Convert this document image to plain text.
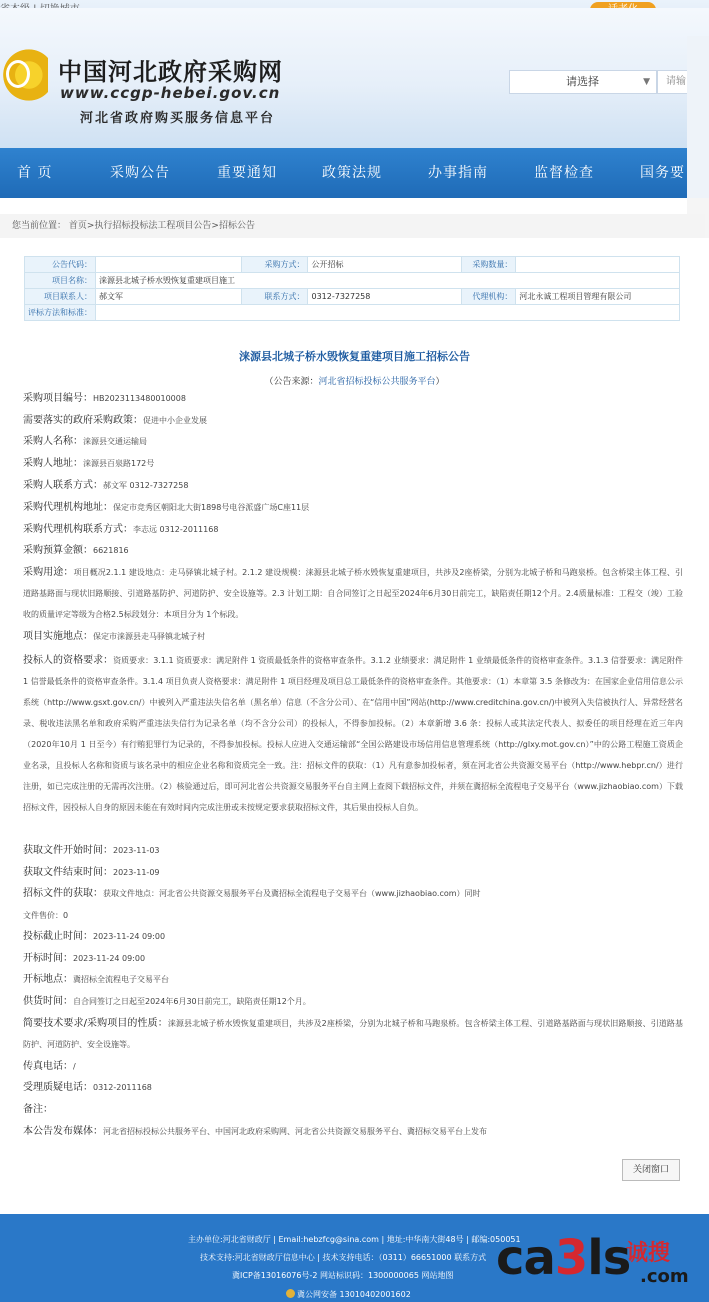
中国河北政府采购网
www.ccgp-hebei.gov.cn
河北省政府购买服务信息平台
请选择	▼	请输
首 页	采购公告	重要通知	政策法规	办事指南	监督检查	国务要
您当前位置： 首页>执行招标投标法工程项目公告>招标公告
公告代码：		采购方式：	公开招标	采购数量：	
项目名称：	涞源县北城子桥水毁恢复重建项目施工				
项目联系人：	郝文军	联系方式：	0312-7327258	代理机构：	河北永诚工程项目管理有限公司
评标方法和标准：					
涞源县北城子桥水毁恢复重建项目施工招标公告
（公告来源：河北省招标投标公共服务平台）
采购项目编号：HB2023113480010008
需要落实的政府采购政策：促进中小企业发展
采购人名称：涞源县交通运输局
采购人地址：涞源县百泉路172号
采购人联系方式：郝文军 0312-7327258
采购代理机构地址：保定市竞秀区朝阳北大街1898号电谷派盛广场C座11层
采购代理机构联系方式：李志远 0312-2011168
采购预算金额：6621816
采购用途：项目概况2.1.1 建设地点：走马驿镇北城子村。2.1.2 建设规模：涞源县北城子桥水毁恢复重建项目，共涉及2座桥梁，分别为北城子桥和马跑泉桥。包含桥梁主体工程、引道路基路面与现状旧路顺接、引道路基防护、河道防护、安全设施等。2.3 计划工期：自合同签订之日起至2024年6月30日前完工，缺陷责任期12个月。2.4质量标准：工程交（竣）工验收的质量评定等级为合格2.5标段划分：本项目分为 1个标段。
项目实施地点：保定市涞源县走马驿镇北城子村
投标人的资格要求：资质要求：3.1.1 资质要求：满足附件 1 资质最低条件的资格审查条件。3.1.2 业绩要求：满足附件 1 业绩最低条件的资格审查条件。3.1.3 信誉要求：满足附件 1 信誉最低条件的资格审查条件。3.1.4 项目负责人资格要求：满足附件 1 项目经理及项目总工最低条件的资格审查条件。其他要求：（1）本章第 3.5 条修改为：在国家企业信用信息公示系统（http://www.gsxt.gov.cn/）中被列入严重违法失信名单（黑名单）信息（不含分公司）、在“信用中国”网站(http://www.creditchina.gov.cn/)中被列入失信被执行人、异常经营名录、税收违法黑名单和政府采购严重违法失信行为记录名单（均不含分公司）的投标人，不得参加投标。（2）本章新增 3.6 条：投标人或其法定代表人、拟委任的项目经理在近三年内（2020年10月 1 日至今）有行贿犯罪行为记录的，不得参加投标。投标人应进入交通运输部“全国公路建设市场信用信息管理系统（http://glxy.mot.gov.cn）”中的公路工程施工资质企业名录，且投标人名称和资质与该名录中的相应企业名称和资质完全一致。注：招标文件的获取：（1）凡有意参加投标者，须在河北省公共资源交易平台（http://www.hebpr.cn/）进行注册，如已完成注册的无需再次注册。（2）核验通过后，即可河北省公共资源交易服务平台自主网上查阅下载招标文件，并须在冀招标全流程电子交易平台（www.jizhaobiao.com）下载招标文件，因投标人自身的原因未能在有效时间内完成注册或未按规定要求获取招标文件，其后果由投标人自负。
获取文件开始时间：2023-11-03
获取文件结束时间：2023-11-09
招标文件的获取：获取文件地点：河北省公共资源交易服务平台及冀招标全流程电子交易平台（www.jizhaobiao.com）同时
文件售价：0
投标截止时间：2023-11-24 09:00
开标时间：2023-11-24 09:00
开标地点：冀招标全流程电子交易平台
供货时间：自合同签订之日起至2024年6月30日前完工，缺陷责任期12个月。
简要技术要求/采购项目的性质：涞源县北城子桥水毁恢复重建项目，共涉及2座桥梁，分别为北城子桥和马跑泉桥。包含桥梁主体工程、引道路基路面与现状旧路顺接、引道路基防护、河道防护、安全设施等。
传真电话：/
受理质疑电话：0312-2011168
备注：
本公告发布媒体：河北省招标投标公共服务平台、中国河北政府采购网、河北省公共资源交易服务平台、冀招标交易平台上发布
关闭窗口
主办单位:河北省财政厅 | Email:hebzfcg@sina.com | 地址:中华南大街48号 | 邮编:050051
技术支持:河北省财政厅信息中心 | 技术支持电话：（0311）66651000 联系方式
冀ICP备13016076号-2 网站标识码：1300000065 网站地图
冀公网安备 13010402001602
ca3ls
诚搜
.com
